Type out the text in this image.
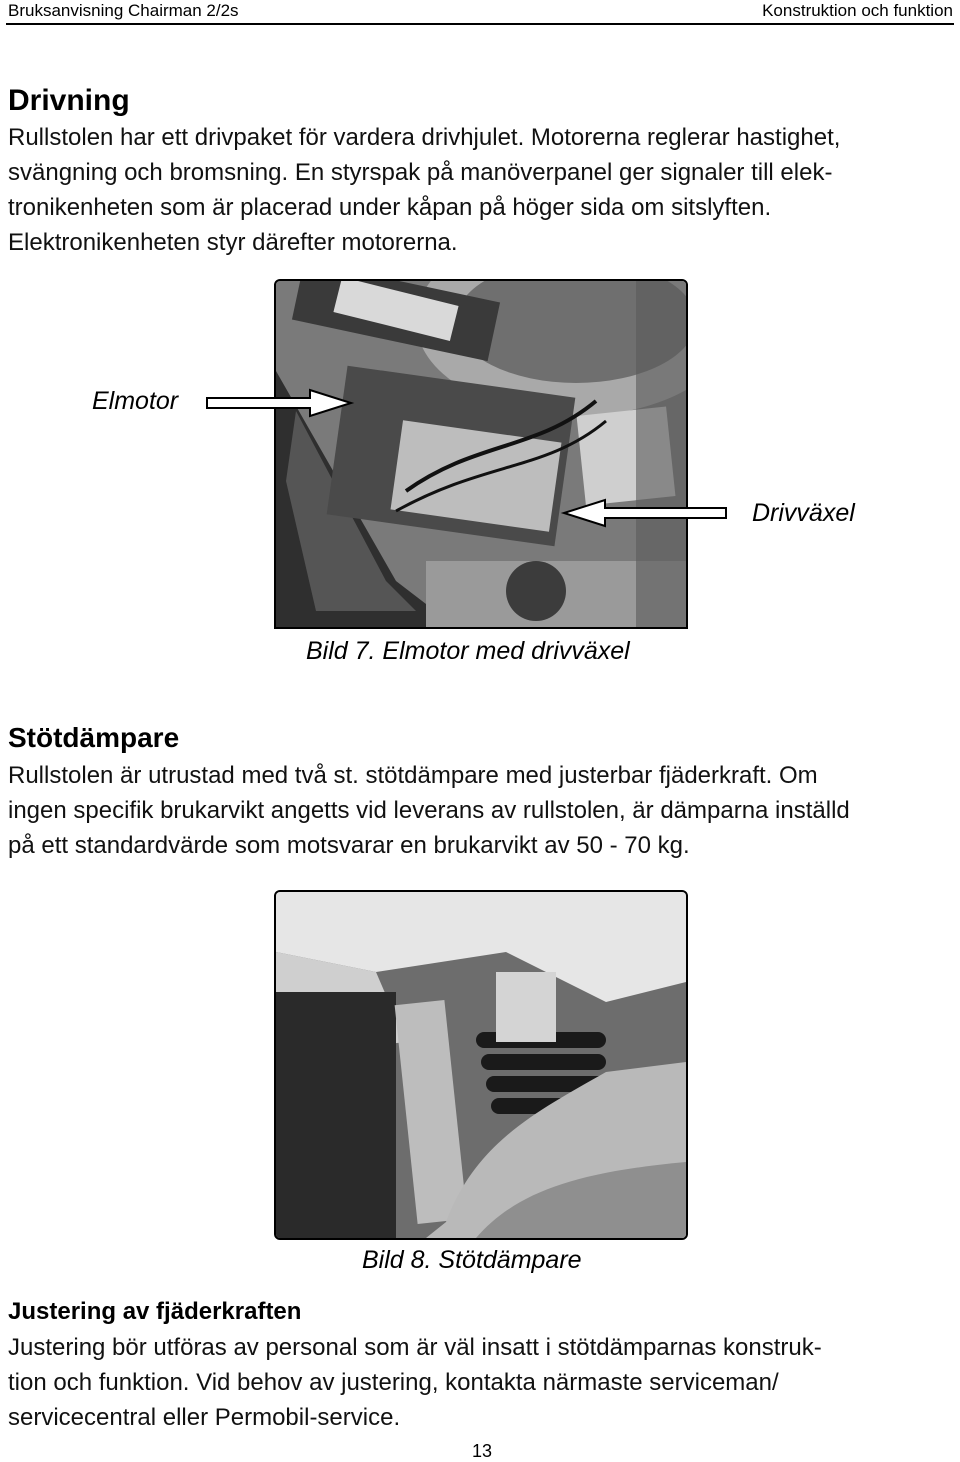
Bruksanvisning Chairman 2/2s	Konstruktion och funktion
Drivning
Rullstolen har ett drivpaket för vardera drivhjulet. Motorerna reglerar hastighet,
svängning och bromsning. En styrspak på manöverpanel ger signaler till elek-
tronikenheten som är placerad under kåpan på höger sida om sitslyften.
Elektronikenheten styr därefter motorerna.
Elmotor
Drivväxel
Bild 7. Elmotor med drivväxel
Stötdämpare
Rullstolen är utrustad med två st. stötdämpare med justerbar fjäderkraft. Om
ingen specifik brukarvikt angetts vid leverans av rullstolen, är dämparna inställd
på ett standardvärde som motsvarar en brukarvikt av 50 - 70 kg.
Bild 8. Stötdämpare
Justering av fjäderkraften
Justering bör utföras av personal som är väl insatt i stötdämparnas konstruk-
tion och funktion. Vid behov av justering, kontakta närmaste serviceman/
servicecentral eller Permobil-service.
13
